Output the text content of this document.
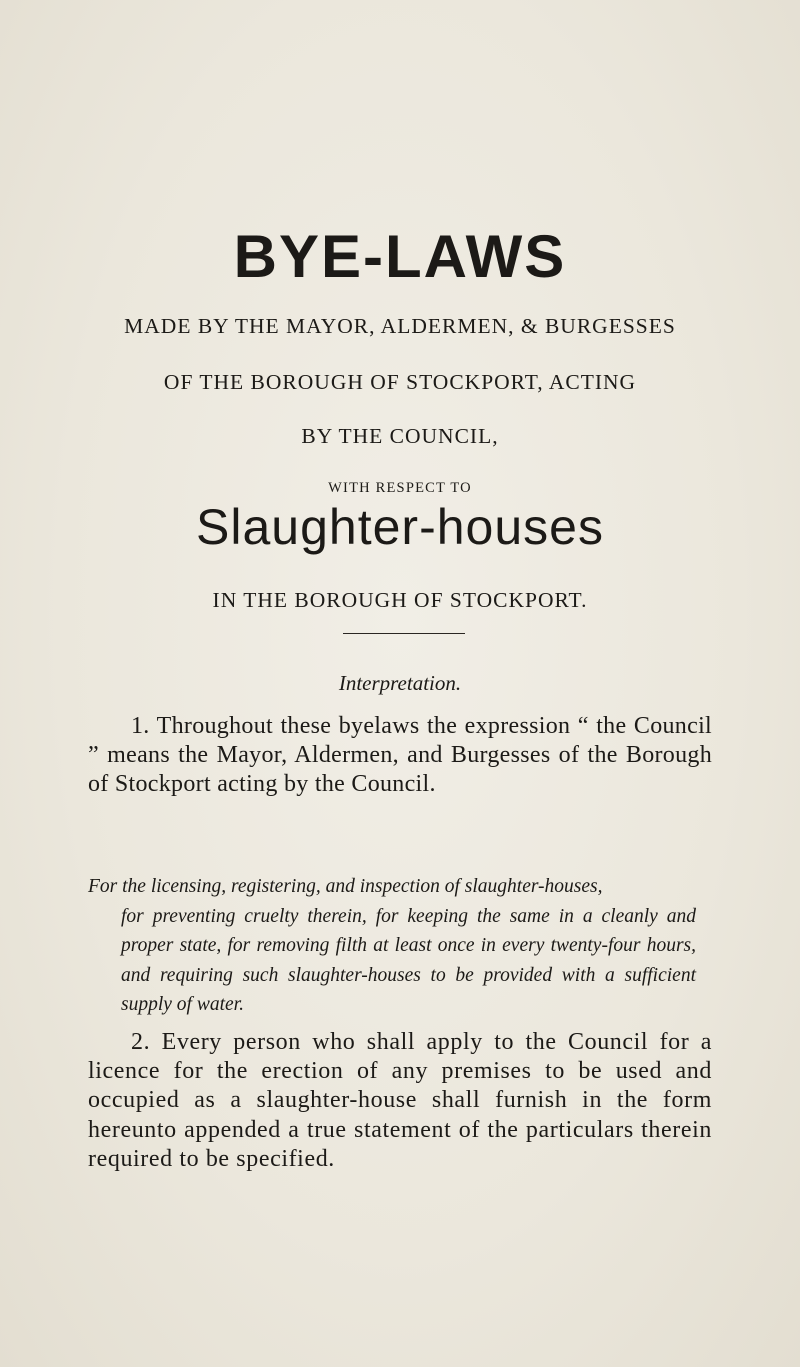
BYE-LAWS
MADE BY THE MAYOR, ALDERMEN, & BURGESSES
OF THE BOROUGH OF STOCKPORT, ACTING
BY THE COUNCIL,
WITH RESPECT TO
Slaughter-houses
IN THE BOROUGH OF STOCKPORT.
Interpretation.
1. Throughout these byelaws the expression “ the Council ” means the Mayor, Aldermen, and Burgesses of the Borough of Stockport acting by the Council.
For the licensing, registering, and inspection of slaughter-houses,
for preventing cruelty therein, for keeping the same in a cleanly and proper state, for removing filth at least once in every twenty-four hours, and requiring such slaughter-houses to be provided with a sufficient supply of water.
2. Every person who shall apply to the Council for a licence for the erection of any premises to be used and occupied as a slaughter-house shall furnish in the form hereunto appended a true statement of the particulars therein required to be specified.
